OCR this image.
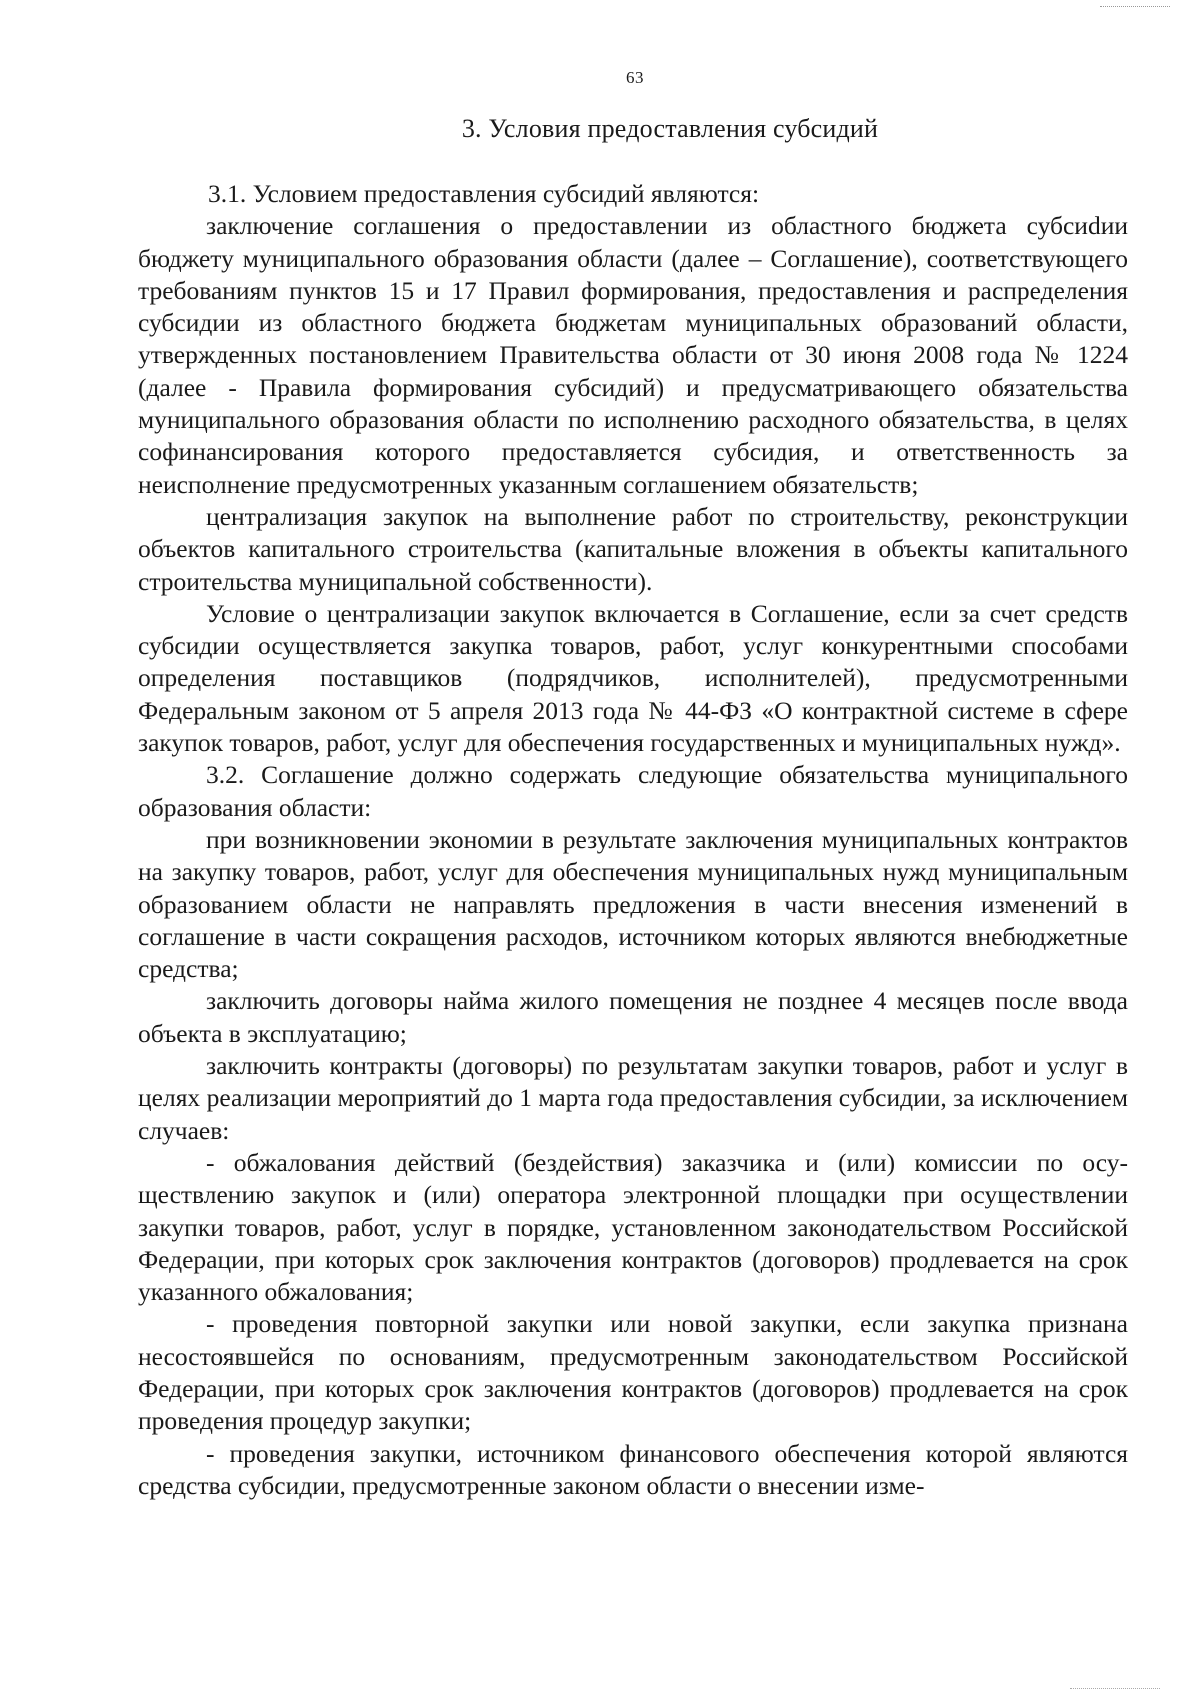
63
3. Условия предоставления субсидий

3.1. Условием предоставления субсидий являются:

заключение соглашения о предоставлении из областного бюджета субсиdии бюджету муниципального образования области (далее – Соглашение), соответствующего требованиям пунктов 15 и 17 Правил формирования, предоставления и распределения субсидии из областного бюджета бюджетам муниципальных образований области, утвержденных постановлением Правительства области от 30 июня 2008 года № 1224 (далее - Правила формирования субсидий) и предусматривающего обязательства муниципального образования области по исполнению расходного обязательства, в целях софинансирования которого предоставляется субсидия, и ответственность за неисполнение предусмотренных указанным соглашением обязательств;

централизация закупок на выполнение работ по строительству, реконструкции объектов капитального строительства (капитальные вложения в объекты капитального строительства муниципальной собственности).

Условие о централизации закупок включается в Соглашение, если за счет средств субсидии осуществляется закупка товаров, работ, услуг конкурентными способами определения поставщиков (подрядчиков, исполнителей), предусмотренными Федеральным законом от 5 апреля 2013 года № 44-ФЗ «О контрактной системе в сфере закупок товаров, работ, услуг для обеспечения государственных и муниципальных нужд».

3.2. Соглашение должно содержать следующие обязательства муниципального образования области:

при возникновении экономии в результате заключения муниципальных контрактов на закупку товаров, работ, услуг для обеспечения муниципальных нужд муниципальным образованием области не направлять предложения в части внесения изменений в соглашение в части сокращения расходов, источником которых являются внебюджетные средства;

заключить договоры найма жилого помещения не позднее 4 месяцев после ввода объекта в эксплуатацию;

заключить контракты (договоры) по результатам закупки товаров, работ и услуг в целях реализации мероприятий до 1 марта года предоставления субсидии, за исключением случаев:

- обжалования действий (бездействия) заказчика и (или) комиссии по осуществлению закупок и (или) оператора электронной площадки при осуществлении закупки товаров, работ, услуг в порядке, установленном законодательством Российской Федерации, при которых срок заключения контрактов (договоров) продлевается на срок указанного обжалования;

- проведения повторной закупки или новой закупки, если закупка признана несостоявшейся по основаниям, предусмотренным законодательством Российской Федерации, при которых срок заключения контрактов (договоров) продлевается на срок проведения процедур закупки;

- проведения закупки, источником финансового обеспечения которой являются средства субсидии, предусмотренные законом области о внесении изме-
